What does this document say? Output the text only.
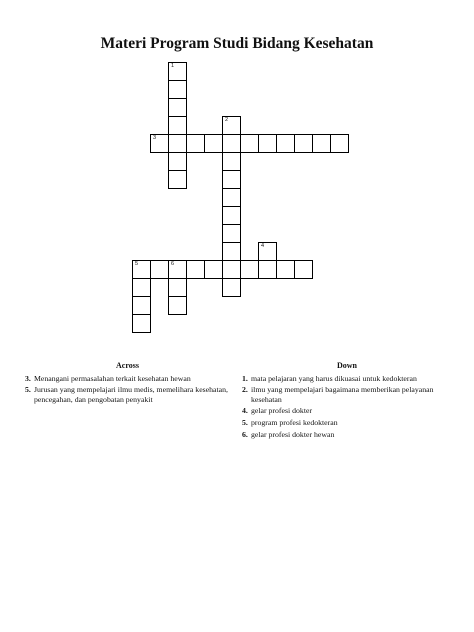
Materi Program Studi Bidang Kesehatan
1
2
3
5	6
4
Across
3. Menangani permasalahan terkait kesehatan hewan
5. Jurusan yang mempelajari ilmu medis, memelihara kesehatan, pencegahan, dan pengobatan penyakit
Down
1. mata pelajaran yang harus dikuasai untuk kedokteran
2. ilmu yang mempelajari bagaimana memberikan pelayanan kesehatan
4. gelar profesi dokter
5. program profesi kedokteran
6. gelar profesi dokter hewan
